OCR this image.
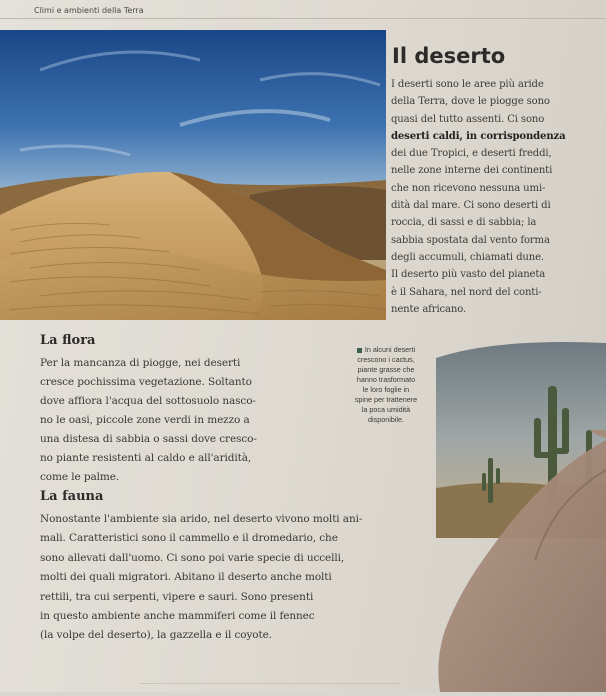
Climi e ambienti della Terra
Il deserto
I deserti sono le aree più aride
della Terra, dove le piogge sono
quasi del tutto assenti. Ci sono
deserti caldi, in corrispondenza
dei due Tropici, e deserti freddi,
nelle zone interne dei continenti
che non ricevono nessuna umi-
dità dal mare. Ci sono deserti di
roccia, di sassi e di sabbia; la
sabbia spostata dal vento forma
degli accumuli, chiamati dune.
Il deserto più vasto del pianeta
è il Sahara, nel nord del conti-
nente africano.
La flora
Per la mancanza di piogge, nei deserti
cresce pochissima vegetazione. Soltanto
dove affiora l'acqua del sottosuolo nasco-
no le oasi, piccole zone verdi in mezzo a
una distesa di sabbia o sassi dove cresco-
no piante resistenti al caldo e all'aridità,
come le palme.
In alcuni deserti
crescono i cactus,
piante grasse che
hanno trasformato
le loro foglie in
spine per trattenere
la poca umidità
disponibile.
La fauna
Nonostante l'ambiente sia arido, nel deserto vivono molti ani-
mali. Caratteristici sono il cammello e il dromedario, che
sono allevati dall'uomo. Ci sono poi varie specie di uccelli,
molti dei quali migratori. Abitano il deserto anche molti
rettili, tra cui serpenti, vipere e sauri. Sono presenti
in questo ambiente anche mammiferi come il fennec
(la volpe del deserto), la gazzella e il coyote.
